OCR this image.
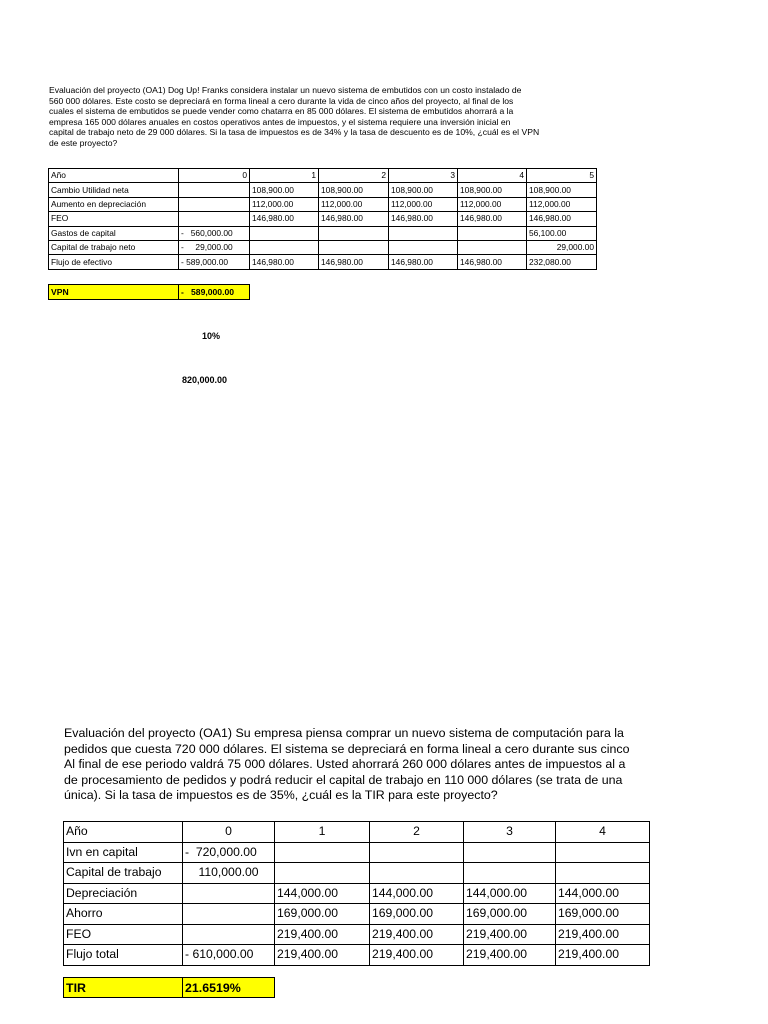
Evaluación del proyecto (OA1) Dog Up! Franks considera instalar un nuevo sistema de embutidos con un costo instalado de
560 000 dólares. Este costo se depreciará en forma lineal a cero durante la vida de cinco años del proyecto, al final de los
cuales el sistema de embutidos se puede vender como chatarra en 85 000 dólares. El sistema de embutidos ahorrará a la
empresa 165 000 dólares anuales en costos operativos antes de impuestos, y el sistema requiere una inversión inicial en
capital de trabajo neto de 29 000 dólares. Si la tasa de impuestos es de 34% y la tasa de descuento es de 10%, ¿cuál es el VPN
de este proyecto?
Año	0	1	2	3	4	5
Cambio Utilidad neta		108,900.00	108,900.00	108,900.00	108,900.00	108,900.00
Aumento en depreciación		112,000.00	112,000.00	112,000.00	112,000.00	112,000.00
FEO		146,980.00	146,980.00	146,980.00	146,980.00	146,980.00
Gastos de capital	-   560,000.00					56,100.00
Capital de trabajo neto	-     29,000.00					29,000.00
Flujo de efectivo	- 589,000.00	146,980.00	146,980.00	146,980.00	146,980.00	232,080.00
VPN	-   589,000.00
10%
820,000.00
Evaluación del proyecto (OA1) Su empresa piensa comprar un nuevo sistema de computación para la
pedidos que cuesta 720 000 dólares. El sistema se depreciará en forma lineal a cero durante sus cinco
Al final de ese periodo valdrá 75 000 dólares. Usted ahorrará 260 000 dólares antes de impuestos al a
de procesamiento de pedidos y podrá reducir el capital de trabajo en 110 000 dólares (se trata de una
única). Si la tasa de impuestos es de 35%, ¿cuál es la TIR para este proyecto?
Año	0	1	2	3	4
Ivn en capital	-  720,000.00				
Capital de trabajo	110,000.00				
Depreciación		144,000.00	144,000.00	144,000.00	144,000.00
Ahorro		169,000.00	169,000.00	169,000.00	169,000.00
FEO		219,400.00	219,400.00	219,400.00	219,400.00
Flujo total	- 610,000.00	219,400.00	219,400.00	219,400.00	219,400.00
TIR	21.6519%
